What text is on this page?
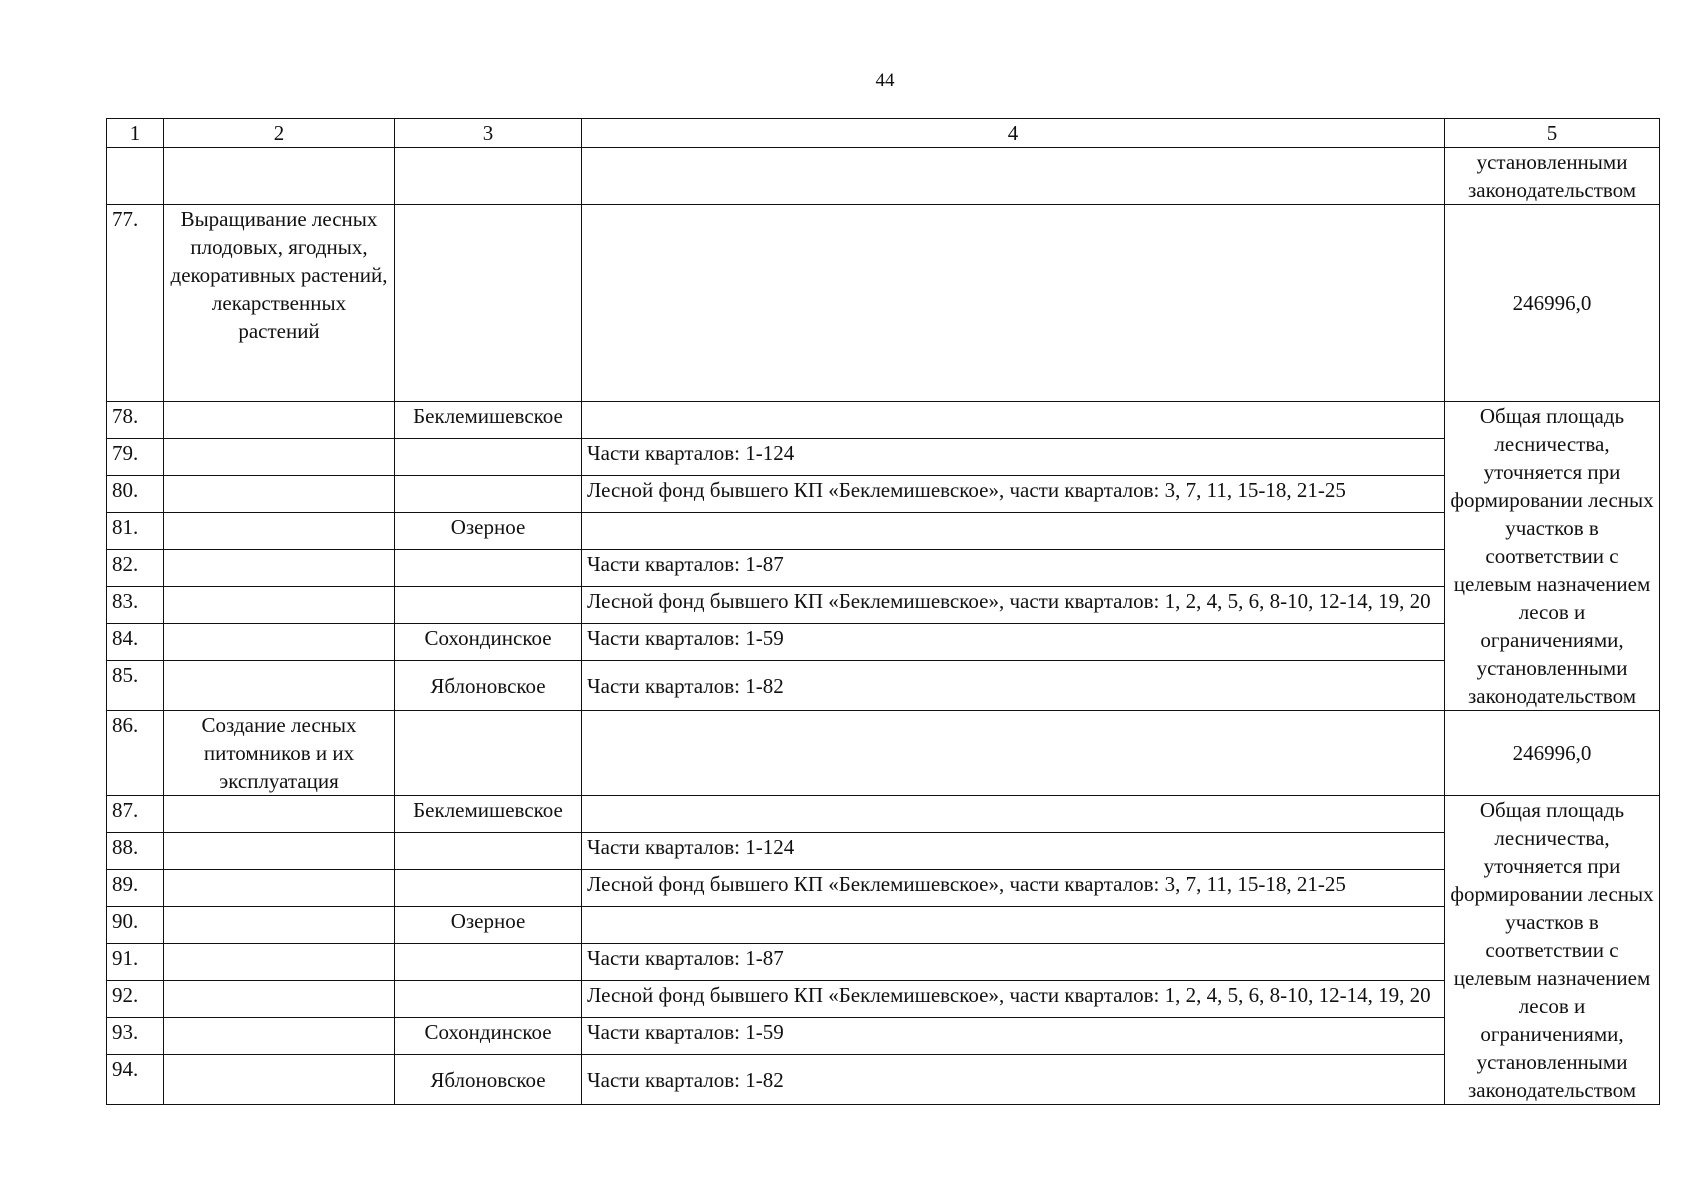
44
1	2	3	4	5
				установленными законодательством
77.	Выращивание лесных плодовых, ягодных, декоративных растений, лекарственных растений			246996,0
78.		Беклемишевское		Общая площадь лесничества, уточняется при формировании лесных участков в соответствии с целевым назначением лесов и ограничениями, установленными законодательством
79.			Части кварталов: 1-124	
80.			Лесной фонд бывшего КП «Беклемишевское», части кварталов: 3, 7, 11, 15-18, 21-25	
81.		Озерное		
82.			Части кварталов: 1-87	
83.			Лесной фонд бывшего КП «Беклемишевское», части кварталов: 1, 2, 4, 5, 6, 8-10, 12-14, 19, 20	
84.		Сохондинское	Части кварталов: 1-59	
85.		Яблоновское	Части кварталов: 1-82	
86.	Создание лесных питомников и их эксплуатация			246996,0
87.		Беклемишевское		Общая площадь лесничества, уточняется при формировании лесных участков в соответствии с целевым назначением лесов и ограничениями, установленными законодательством
88.			Части кварталов: 1-124	
89.			Лесной фонд бывшего КП «Беклемишевское», части кварталов: 3, 7, 11, 15-18, 21-25	
90.		Озерное		
91.			Части кварталов: 1-87	
92.			Лесной фонд бывшего КП «Беклемишевское», части кварталов: 1, 2, 4, 5, 6, 8-10, 12-14, 19, 20	
93.		Сохондинское	Части кварталов: 1-59	
94.		Яблоновское	Части кварталов: 1-82	
